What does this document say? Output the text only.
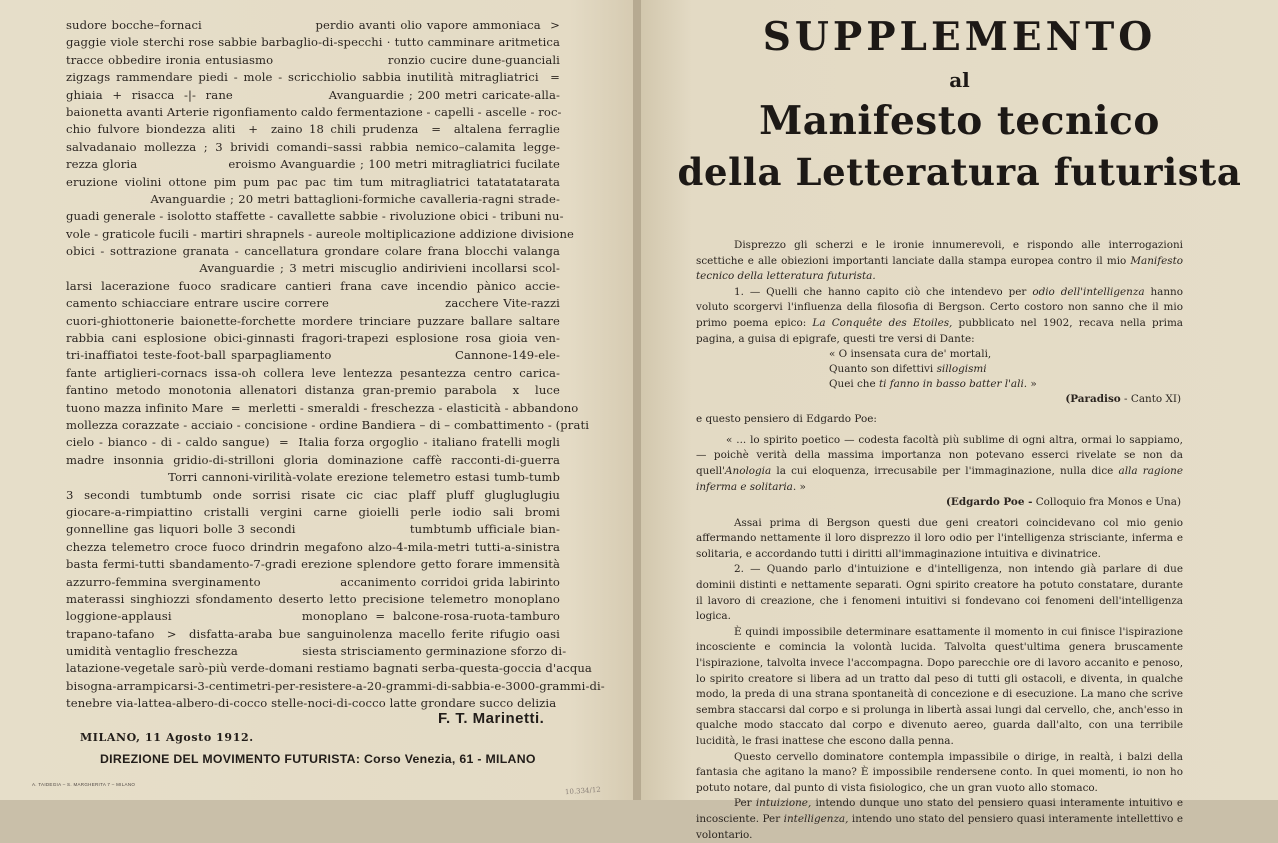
sudore bocche–fornaci                        perdio avanti olio vapore ammoniaca  >
gaggie viole sterchi rose sabbie barbaglio-di-specchi · tutto camminare aritmetica
tracce obbedire ironia entusiasmo                         ronzio cucire dune-guanciali
zigzags rammendare piedi - mole - scricchiolio sabbia inutilità mitragliatrici  =
ghiaia  +  risacca  -|-  rane                    Avanguardie ; 200 metri caricate-alla-
baionetta avanti Arterie rigonfiamento caldo fermentazione - capelli - ascelle - roc-
chio fulvore biondezza aliti  +  zaino 18 chili prudenza  =  altalena ferraglie
salvadanaio mollezza ; 3 brividi comandi–sassi rabbia nemico–calamita legge-
rezza gloria                     eroismo Avanguardie ; 100 metri mitragliatrici fucilate
eruzione violini ottone pim pum pac pac tim tum mitragliatrici tatatatatarata
Avanguardie ; 20 metri battaglioni-formiche cavalleria-ragni strade-
guadi generale - isolotto staffette - cavallette sabbie - rivoluzione obici - tribuni nu-
vole - graticole fucili - martiri shrapnels - aureole moltiplicazione addizione divisione
obici - sottrazione granata - cancellatura grondare colare frana blocchi valanga
Avanguardie ; 3 metri miscuglio andirivieni incollarsi scol-
larsi lacerazione fuoco sradicare cantieri frana cave incendio pànico accie-
camento schiacciare entrare uscire correre                         zacchere Vite-razzi
cuori-ghiottonerie baionette-forchette mordere trinciare puzzare ballare saltare
rabbia cani esplosione obici-ginnasti fragori-trapezi esplosione rosa gioia ven-
tri-inaffiatoi teste-foot-ball sparpagliamento                        Cannone-149-ele-
fante artiglieri-cornacs issa-oh collera leve lentezza pesantezza centro carica-
fantino metodo monotonia allenatori distanza gran-premio parabola  x  luce
tuono mazza infinito Mare  =  merletti - smeraldi - freschezza - elasticità - abbandono
mollezza corazzate - acciaio - concisione - ordine Bandiera – di – combattimento - (prati
cielo - bianco - di - caldo sangue)  =  Italia forza orgoglio - italiano fratelli mogli
madre insonnia gridio-di-strilloni gloria dominazione caffè racconti-di-guerra
Torri cannoni-virilità-volate erezione telemetro estasi tumb-tumb
3 secondi tumbtumb onde sorrisi risate cic ciac plaff pluff glugluglugiu
giocare-a-rimpiattino cristalli vergini carne gioielli perle iodio sali bromi
gonnelline gas liquori bolle 3 secondi                       tumbtumb ufficiale bian-
chezza telemetro croce fuoco drindrin megafono alzo-4-mila-metri tutti-a-sinistra
basta fermi-tutti sbandamento-7-gradi erezione splendore getto forare immensità
azzurro-femmina sverginamento                 accanimento corridoi grida labirinto
materassi singhiozzi sfondamento deserto letto precisione telemetro monoplano
loggione-applausi                                  monoplano  =  balcone-rosa-ruota-tamburo
trapano-tafano  >  disfatta-araba bue sanguinolenza macello ferite rifugio oasi
umidità ventaglio freschezza                 siesta strisciamento germinazione sforzo di-
latazione-vegetale sarò-più verde-domani restiamo bagnati serba-questa-goccia d'acqua
bisogna-arrampicarsi-3-centimetri-per-resistere-a-20-grammi-di-sabbia-e-3000-grammi-di-
tenebre via-lattea-albero-di-cocco stelle-noci-di-cocco latte grondare succo delizia
F. T. Marinetti.
MILANO, 11 Agosto 1912.
DIREZIONE DEL MOVIMENTO FUTURISTA: Corso Venezia, 61 - MILANO
A. TAIDEGIA – S. MARGHERITA 7 – MILANO
10.334/12
SUPPLEMENTO
al
Manifesto tecnico
della Letteratura futurista

Disprezzo gli scherzi e le ironie innumerevoli, e rispondo alle interrogazioni scettiche e alle obiezioni importanti lanciate dalla stampa europea contro il mio Manifesto tecnico della letteratura futurista.

1. — Quelli che hanno capito ciò che intendevo per odio dell'intelligenza hanno voluto scorgervi l'influenza della filosofia di Bergson. Certo costoro non sanno che il mio primo poema epico: La Conquête des Etoiles, pubblicato nel 1902, recava nella prima pagina, a guisa di epigrafe, questi tre versi di Dante:

« O insensata cura de' mortali,
Quanto son difettivi sillogismi
Quei che ti fanno in basso batter l'ali. »
(Paradiso - Canto XI)

e questo pensiero di Edgardo Poe:

« ... lo spirito poetico — codesta facoltà più sublime di ogni altra, ormai lo sappiamo, — poichè verità della massima importanza non potevano esserci rivelate se non da quell'Anologia la cui eloquenza, irrecusabile per l'immaginazione, nulla dice alla ragione inferma e solitaria. »

(Edgardo Poe - Colloquio fra Monos e Una)

Assai prima di Bergson questi due geni creatori coincidevano col mio genio affermando nettamente il loro disprezzo il loro odio per l'intelligenza strisciante, inferma e solitaria, e accordando tutti i diritti all'immaginazione intuitiva e divinatrice.

2. — Quando parlo d'intuizione e d'intelligenza, non intendo già parlare di due dominii distinti e nettamente separati. Ogni spirito creatore ha potuto constatare, durante il lavoro di creazione, che i fenomeni intuitivi si fondevano coi fenomeni dell'intelligenza logica.

È quindi impossibile determinare esattamente il momento in cui finisce l'ispirazione incosciente e comincia la volontà lucida. Talvolta quest'ultima genera bruscamente l'ispirazione, talvolta invece l'accompagna. Dopo parecchie ore di lavoro accanito e penoso, lo spirito creatore si libera ad un tratto dal peso di tutti gli ostacoli, e diventa, in qualche modo, la preda di una strana spontaneità di concezione e di esecuzione. La mano che scrive sembra staccarsi dal corpo e si prolunga in libertà assai lungi dal cervello, che, anch'esso in qualche modo staccato dal corpo e divenuto aereo, guarda dall'alto, con una terribile lucidità, le frasi inattese che escono dalla penna.

Questo cervello dominatore contempla impassibile o dirige, in realtà, i balzi della fantasia che agitano la mano? È impossibile rendersene conto. In quei momenti, io non ho potuto notare, dal punto di vista fisiologico, che un gran vuoto allo stomaco.

Per intuizione, intendo dunque uno stato del pensiero quasi interamente intuitivo e incosciente. Per intelligenza, intendo uno stato del pensiero quasi interamente intellettivo e volontario.
